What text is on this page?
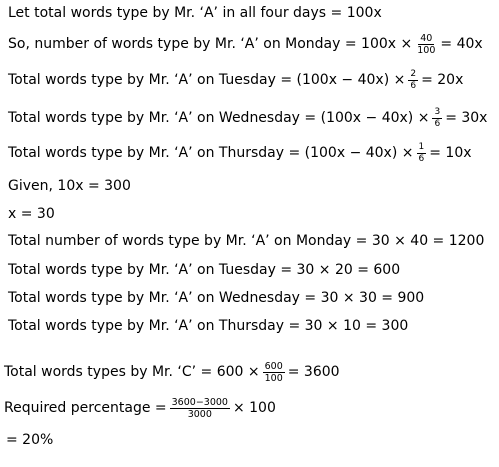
Let total words type by Mr. ‘A’ in all four days = 100x
So, number of words type by Mr. ‘A’ on Monday = $100x \times \frac{40}{100} = 40x$
Total words type by Mr. ‘A’ on Tuesday = $(100x - 40x) \times \frac{2}{6} = 20x$
Total words type by Mr. ‘A’ on Wednesday = $(100x - 40x) \times \frac{3}{6} = 30x$
Total words type by Mr. ‘A’ on Thursday = $(100x - 40x) \times \frac{1}{6} = 10x$
Given, 10x = 300
x = 30
Total number of words type by Mr. ‘A’ on Monday = 30 × 40 = 1200
Total words type by Mr. ‘A’ on Tuesday = 30 × 20 = 600
Total words type by Mr. ‘A’ on Wednesday = 30 × 30 = 900
Total words type by Mr. ‘A’ on Thursday = 30 × 10 = 300
Total words types by Mr. ‘C’ = $600 \times \frac{600}{100} = 3600$
Required percentage = $\frac{3600-3000}{3000} \times 100$
= 20%
